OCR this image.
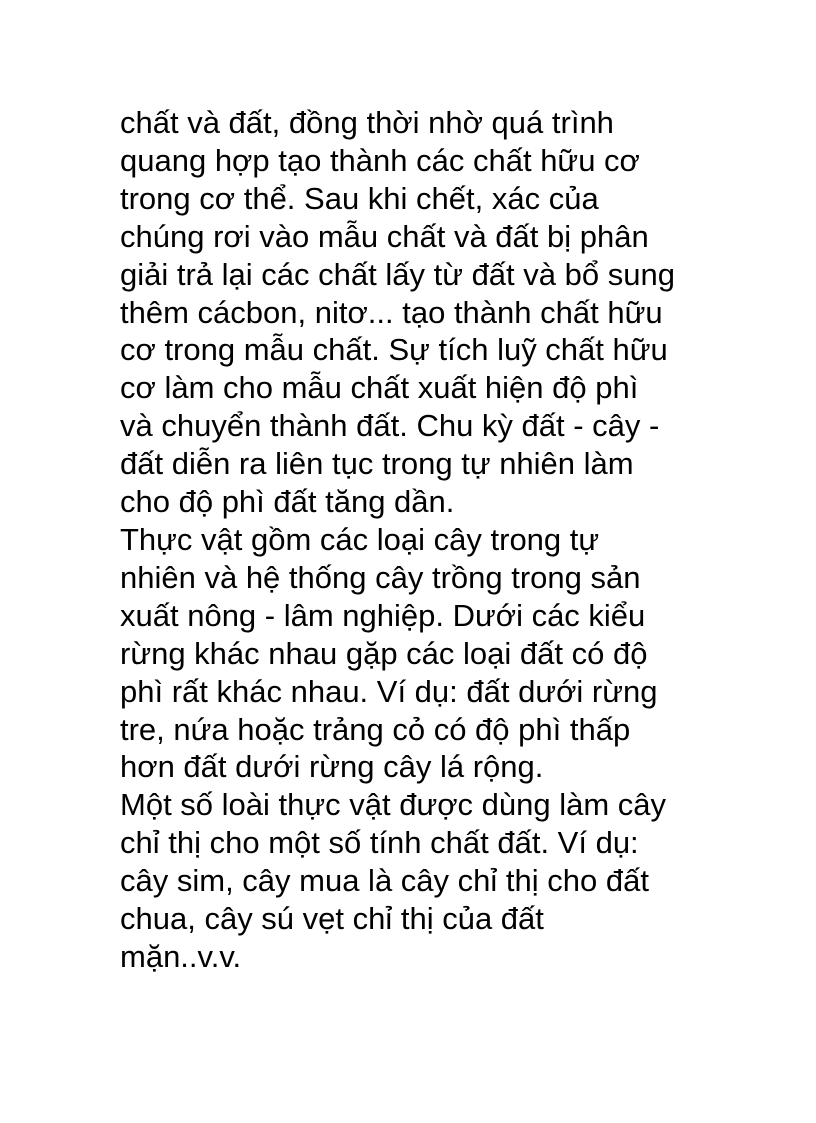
chất và đất, đồng thời nhờ quá trình
quang hợp tạo thành các chất hữu cơ
trong cơ thể. Sau khi chết, xác của
chúng rơi vào mẫu chất và đất bị phân
giải trả lại các chất lấy từ đất và bổ sung
thêm cácbon, nitơ... tạo thành chất hữu
cơ trong mẫu chất. Sự tích luỹ chất hữu
cơ làm cho mẫu chất xuất hiện độ phì
và chuyển thành đất. Chu kỳ đất - cây -
đất diễn ra liên tục trong tự nhiên làm
cho độ phì đất tăng dần.
Thực vật gồm các loại cây trong tự
nhiên và hệ thống cây trồng trong sản
xuất nông - lâm nghiệp. Dưới các kiểu
rừng khác nhau gặp các loại đất có độ
phì rất khác nhau. Ví dụ: đất dưới rừng
tre, nứa hoặc trảng cỏ có độ phì thấp
hơn đất dưới rừng cây lá rộng.
Một số loài thực vật được dùng làm cây
chỉ thị cho một số tính chất đất. Ví dụ:
cây sim, cây mua là cây chỉ thị cho đất
chua, cây sú vẹt chỉ thị của đất
mặn..v.v.
